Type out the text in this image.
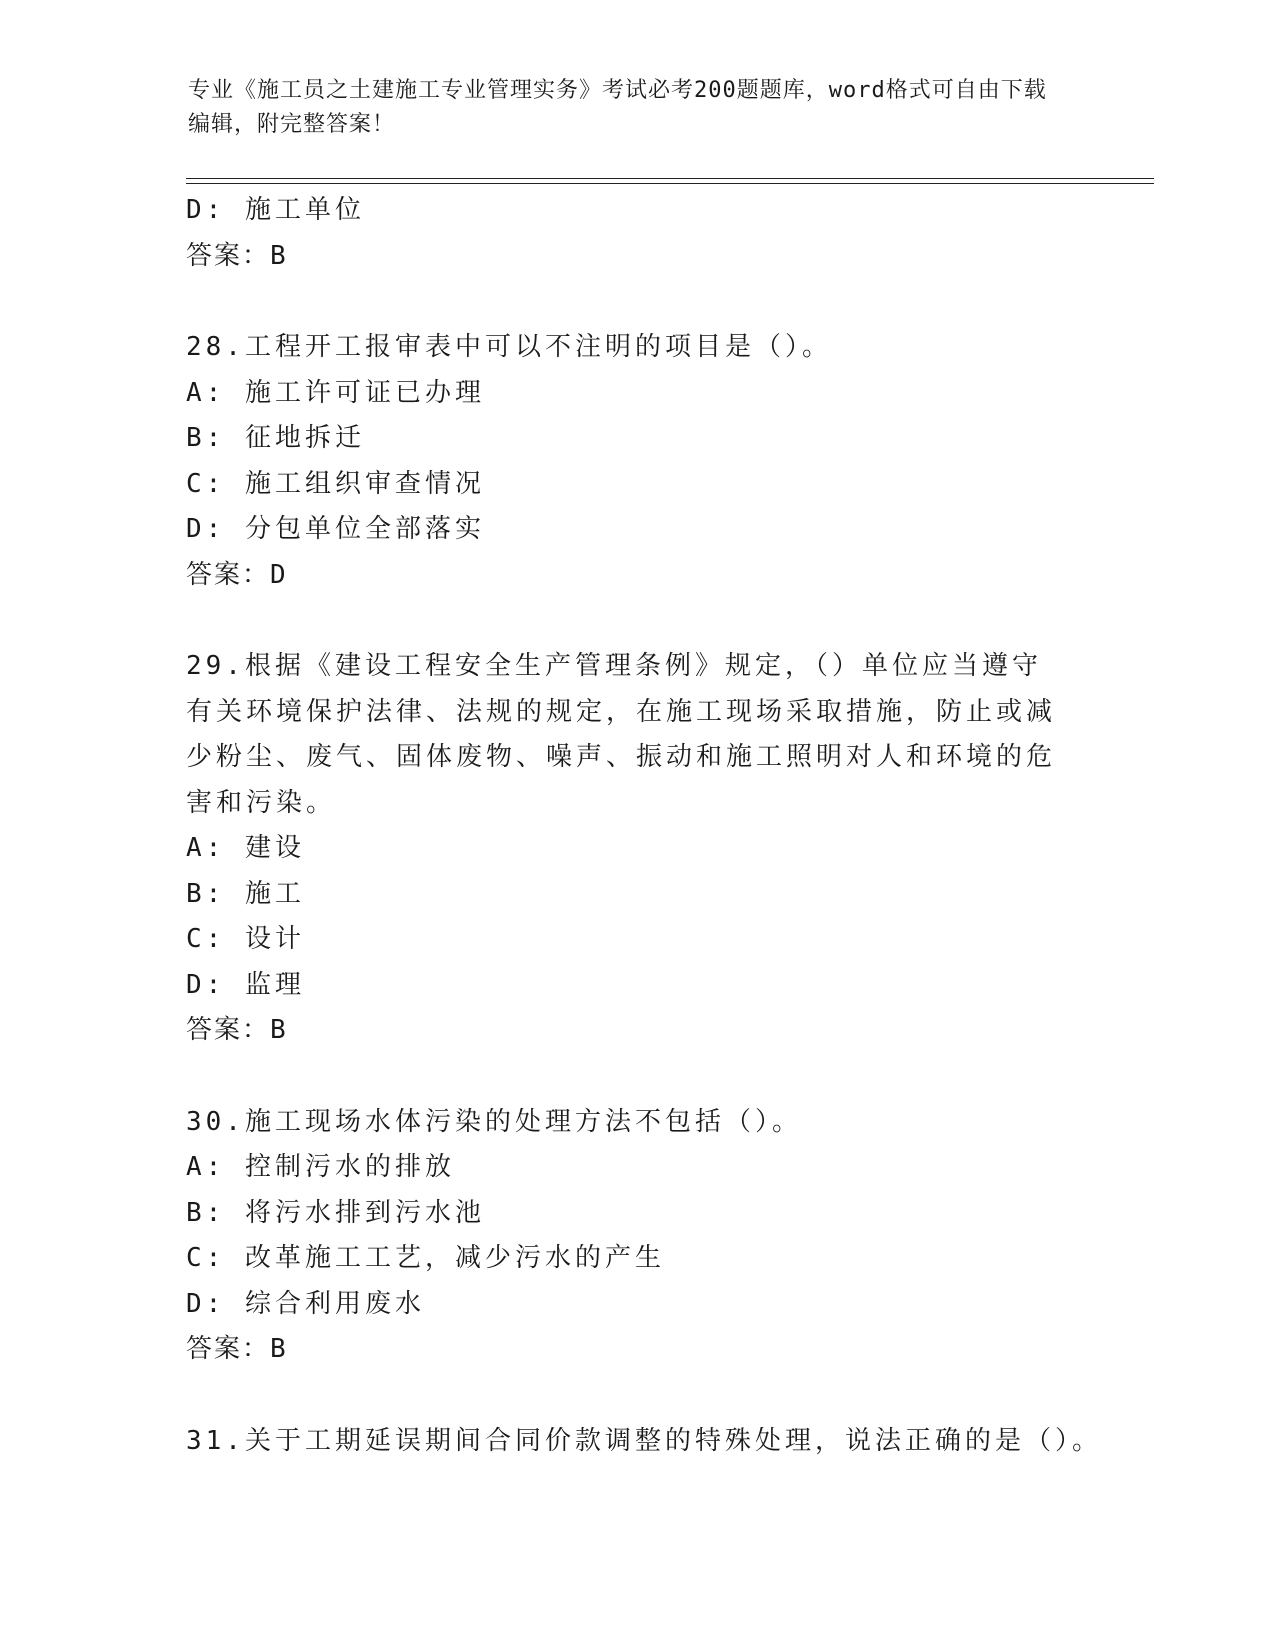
专业《施工员之土建施工专业管理实务》考试必考200题题库，word格式可自由下载编辑，附完整答案！
D: 施工单位
答案：B
28.工程开工报审表中可以不注明的项目是（）。
A: 施工许可证已办理
B: 征地拆迁
C: 施工组织审查情况
D: 分包单位全部落实
答案：D
29.根据《建设工程安全生产管理条例》规定，（）单位应当遵守有关环境保护法律、法规的规定，在施工现场采取措施，防止或减少粉尘、废气、固体废物、噪声、振动和施工照明对人和环境的危害和污染。
A: 建设
B: 施工
C: 设计
D: 监理
答案：B
30.施工现场水体污染的处理方法不包括（）。
A: 控制污水的排放
B: 将污水排到污水池
C: 改革施工工艺，减少污水的产生
D: 综合利用废水
答案：B
31.关于工期延误期间合同价款调整的特殊处理，说法正确的是（）。
